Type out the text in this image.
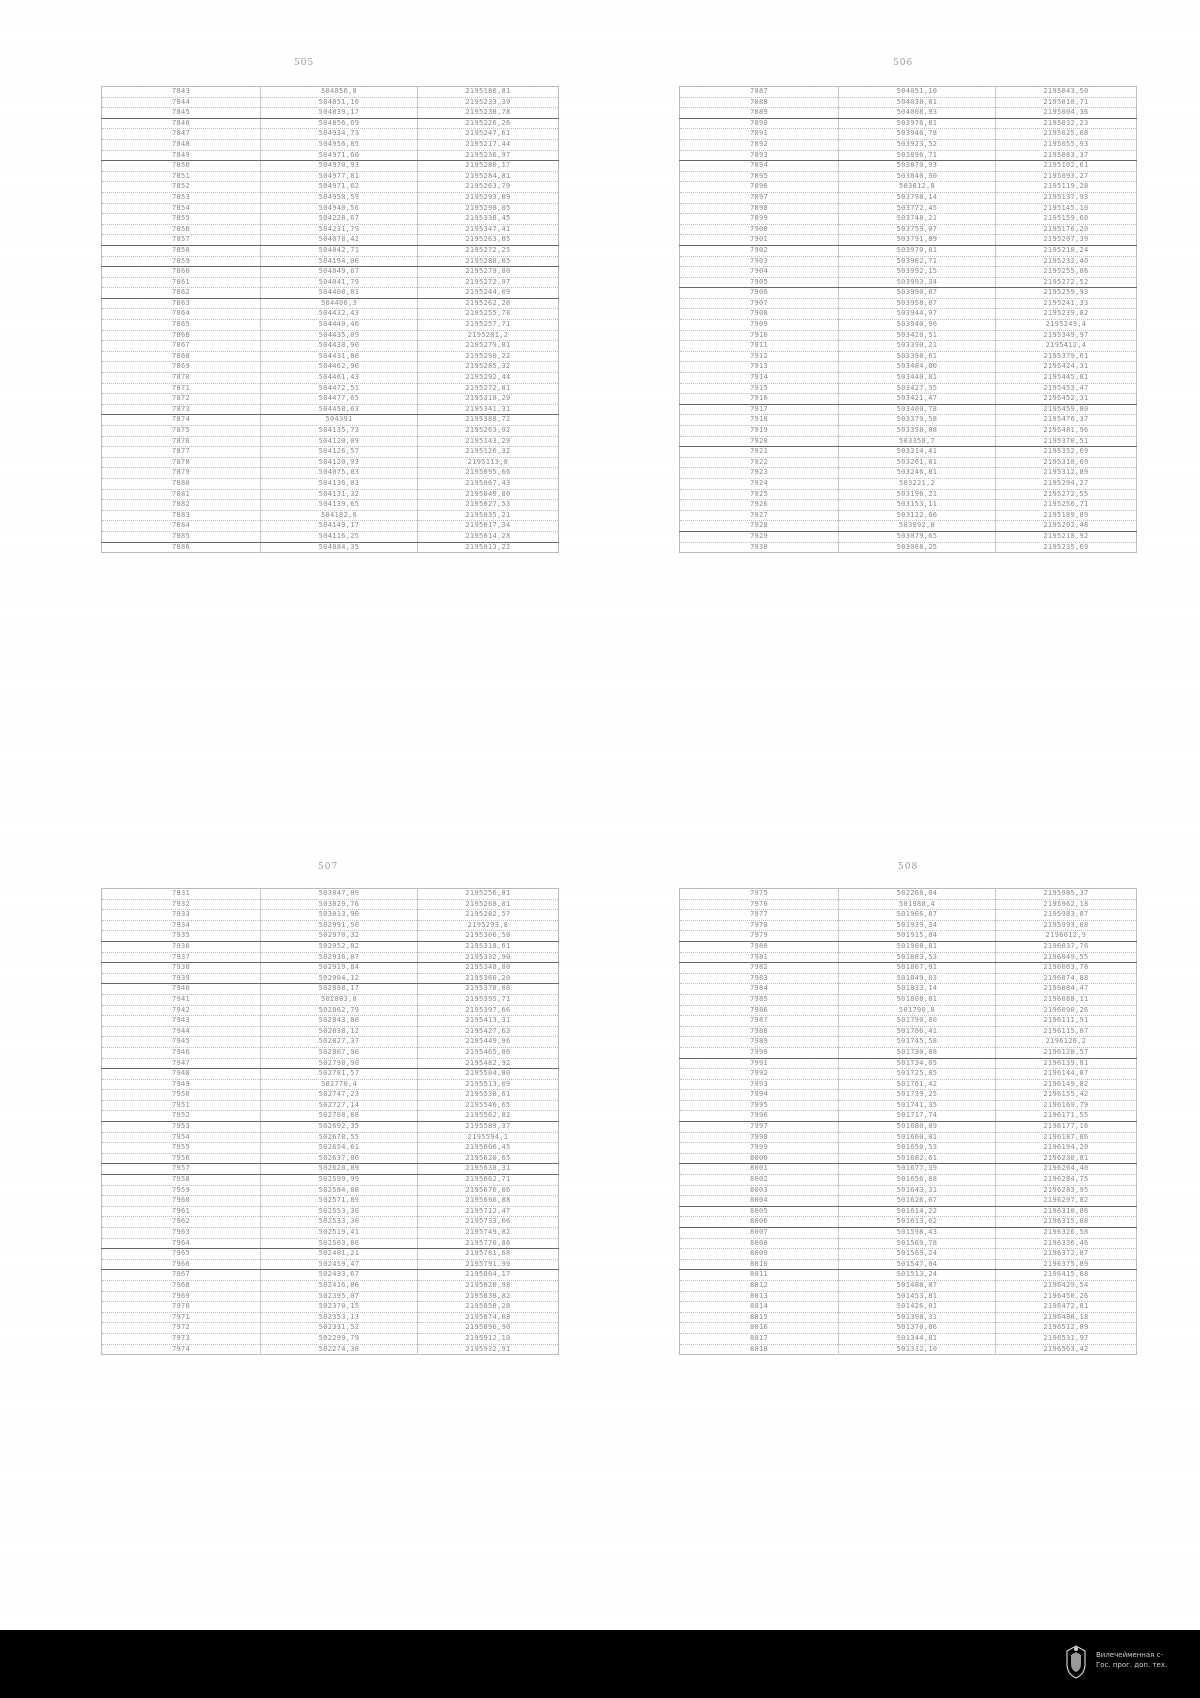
505
7843	504856,8	2195186,81
7844	504851,16	2195233,39
7845	504839,17	2195238,78
7846	504856,69	2195226,26
7847	504934,73	2195247,61
7848	504956,85	2195217,44
7849	504971,60	2195236,97
7850	504970,93	2195280,17
7851	504977,81	2195284,81
7852	504971,62	2195263,79
7853	504958,59	2195293,89
7854	504940,56	2195298,05
7855	504228,67	2195338,45
7856	504231,79	2195347,41
7857	504078,42	2195263,85
7858	504042,71	2195272,25
7859	504194,06	2195288,05
7860	504049,67	2195279,80
7861	504041,79	2195272,97
7862	504400,81	2195244,09
7863	504406,3	2195262,28
7864	504432,43	2195255,78
7865	504440,46	2195257,71
7866	504435,09	2195281,2
7867	504438,90	2195279,81
7868	504431,80	2195290,22
7869	504462,90	2195285,32
7870	504461,43	2195292,44
7871	504472,51	2195272,81
7872	504477,65	2195318,29
7873	504458,63	2195341,31
7874	504391	2195388,72
7875	504135,73	2195263,92
7876	504120,09	2195143,29
7877	504126,57	2195126,32
7878	504120,93	2195113,8
7879	504075,83	2195095,66
7880	504136,03	2195067,43
7881	504131,32	2195049,80
7882	504139,65	2195027,53
7883	504182,6	2195035,21
7884	504149,17	2195017,34
7885	504116,25	2195014,28
7886	504084,35	2195013,22
506
7887	504051,10	2195043,50
7888	504038,81	2195018,71
7889	504008,93	2195004,36
7890	503976,81	2195032,23
7891	503946,78	2195025,68
7892	503923,52	2195055,93
7893	503896,71	2195083,37
7894	503870,93	2195102,61
7895	503840,90	2195093,27
7896	503812,8	2195119,28
7897	503798,14	2195137,93
7898	503772,45	2195145,10
7899	503748,21	2195159,60
7900	503759,07	2195176,20
7901	503791,89	2195207,39
7902	503970,81	2195218,24
7903	503982,71	2195232,40
7904	503992,15	2195255,86
7905	503993,34	2195272,52
7906	503990,87	2195259,93
7907	503958,87	2195241,33
7908	503944,97	2195239,82
7909	503940,96	2195249,4
7910	503420,51	2195349,97
7911	503390,21	2195412,4
7912	503398,61	2195379,61
7913	503484,80	2195424,31
7914	503440,81	2195445,81
7915	503427,35	2195453,47
7916	503421,47	2195452,31
7917	503400,78	2195459,80
7918	503379,58	2195476,37
7919	503358,08	2195481,96
7920	503358,7	2195370,51
7921	503314,41	2195352,69
7922	503261,81	2195318,69
7923	503246,81	2195312,89
7924	503221,2	2195294,27
7925	503196,21	2195272,55
7926	503153,11	2195256,71
7927	503122,06	2195189,89
7928	503092,8	2195202,48
7929	503079,65	2195218,92
7930	503068,25	2195235,69
507
7931	503047,89	2195256,81
7932	503029,76	2195268,01
7933	503013,90	2195282,57
7934	502991,50	2195293,8
7935	502970,32	2195306,58
7936	502952,82	2195318,61
7937	502936,87	2195332,90
7938	502919,84	2195348,80
7939	502904,12	2195360,20
7940	502898,17	2195378,88
7941	502883,8	2195395,71
7942	502862,79	2195397,66
7943	502843,80	2195413,31
7944	502838,12	2195427,63
7945	502827,37	2195449,96
7946	502807,90	2195465,86
7947	502790,90	2195482,92
7948	502781,57	2195504,80
7949	502770,4	2195513,09
7950	502747,23	2195538,61
7951	502727,14	2195546,65
7952	502708,88	2195562,82
7953	502692,35	2195589,37
7954	502678,55	2195594,1
7955	502654,61	2195606,45
7956	502637,86	2195620,65
7957	502620,89	2195638,31
7958	502599,99	2195662,71
7959	502584,88	2195676,06
7960	502571,89	2195696,88
7961	502553,30	2195712,47
7962	502533,30	2195733,06
7963	502519,41	2195749,82
7964	502503,86	2195770,86
7965	502481,21	2195781,68
7966	502459,47	2195791,99
7967	502433,67	2195804,17
7968	502416,86	2195820,98
7969	502395,07	2195838,82
7970	502370,15	2195858,28
7971	502353,13	2195874,08
7972	502331,52	2195896,90
7973	502299,79	2195912,10
7974	502274,38	2195932,91
508
7975	502268,04	2195985,37
7976	501988,4	2195962,18
7977	501966,87	2195983,87
7978	501939,34	2195993,08
7979	501915,84	2196012,9
7980	501908,81	2196037,76
7981	501883,53	2196049,55
7982	501867,91	2196063,78
7983	501849,83	2196074,88
7984	501833,14	2196084,47
7985	501808,81	2196088,11
7986	501790,8	2196090,26
7987	501790,80	2196111,91
7988	501766,41	2196115,87
7989	501745,58	2196126,2
7990	501730,88	2196128,57
7991	501734,05	2196139,81
7992	501725,85	2196144,87
7993	501761,42	2196149,82
7994	501739,25	2196155,42
7995	501741,35	2196169,79
7996	501717,74	2196171,55
7997	501680,89	2196177,16
7998	501660,01	2196187,86
7999	501650,53	2196194,20
8000	501682,61	2196230,81
8001	501677,39	2196264,40
8002	501656,88	2196284,75
8003	501643,31	2196283,95
8004	501626,67	2196297,82
8005	501614,22	2196310,86
8006	501613,62	2196315,88
8007	501598,43	2196326,58
8008	501569,78	2196336,46
8009	501569,24	2196372,87
8010	501547,04	2196375,89
8011	501513,24	2196415,68
8012	501488,87	2196429,54
8013	501453,81	2196450,26
8014	501426,01	2196472,81
8015	501398,31	2196488,18
8016	501370,86	2196512,89
8017	501344,81	2196531,97
8018	501312,10	2196563,42
Вилечейменная с-
Гос. прог. доп. тех.
